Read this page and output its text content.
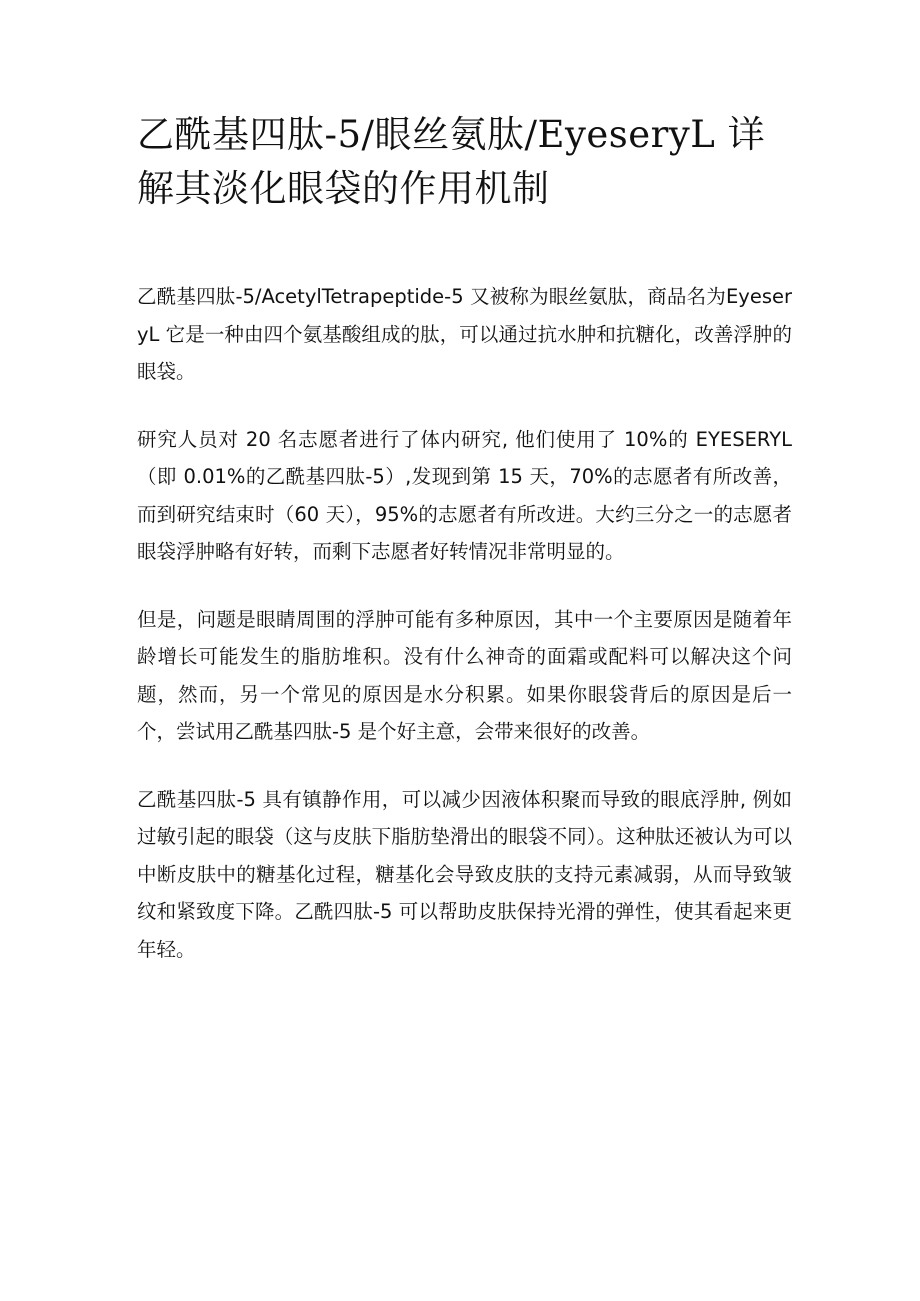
乙酰基四肽-5/眼丝氨肽/EyeseryL 详解其淡化眼袋的作用机制

乙酰基四肽-5/AcetylTetrapeptide-5 又被称为眼丝氨肽，商品名为EyeseryL 它是一种由四个氨基酸组成的肽，可以通过抗水肿和抗糖化，改善浮肿的眼袋。

研究人员对 20 名志愿者进行了体内研究, 他们使用了 10%的 EYESERYL（即 0.01%的乙酰基四肽-5）,发现到第 15 天，70%的志愿者有所改善，而到研究结束时（60 天），95%的志愿者有所改进。大约三分之一的志愿者眼袋浮肿略有好转，而剩下志愿者好转情况非常明显的。

但是，问题是眼睛周围的浮肿可能有多种原因，其中一个主要原因是随着年龄增长可能发生的脂肪堆积。没有什么神奇的面霜或配料可以解决这个问题，然而，另一个常见的原因是水分积累。如果你眼袋背后的原因是后一个，尝试用乙酰基四肽-5 是个好主意，会带来很好的改善。

乙酰基四肽-5 具有镇静作用，可以减少因液体积聚而导致的眼底浮肿, 例如过敏引起的眼袋（这与皮肤下脂肪垫滑出的眼袋不同）。这种肽还被认为可以中断皮肤中的糖基化过程，糖基化会导致皮肤的支持元素减弱，从而导致皱纹和紧致度下降。乙酰四肽-5 可以帮助皮肤保持光滑的弹性，使其看起来更年轻。
